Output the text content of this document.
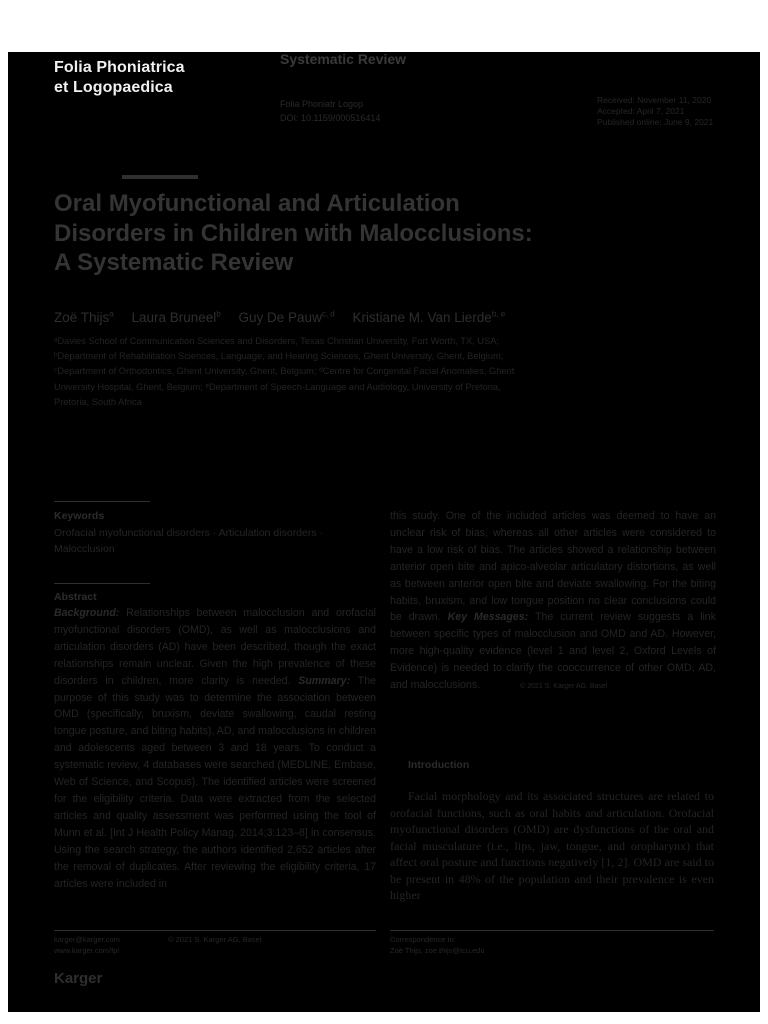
Folia Phoniatrica
et Logopaedica
Systematic Review
Folia Phoniatr Logop
DOI: 10.1159/000516414
Received: November 11, 2020
Accepted: April 7, 2021
Published online: June 9, 2021
Oral Myofunctional and Articulation
Disorders in Children with Malocclusions:
A Systematic Review
Zoë Thijs$^a$ Laura Bruneel$^b$ Guy De Pauw$^{c, d}$ Kristiane M. Van Lierde$^{b, e}$
ᵃDavies School of Communication Sciences and Disorders, Texas Christian University, Fort Worth, TX, USA;
ᵇDepartment of Rehabilitation Sciences, Language, and Hearing Sciences, Ghent University, Ghent, Belgium;
ᶜDepartment of Orthodontics, Ghent University, Ghent, Belgium; ᵈCentre for Congenital Facial Anomalies, Ghent
University Hospital, Ghent, Belgium; ᵉDepartment of Speech-Language and Audiology, University of Pretoria,
Pretoria, South Africa
Keywords
Orofacial myofunctional disorders · Articulation disorders · Malocclusion
Abstract
Background: Relationships between malocclusion and orofacial myofunctional disorders (OMD), as well as malocclusions and articulation disorders (AD) have been described, though the exact relationships remain unclear. Given the high prevalence of these disorders in children, more clarity is needed. Summary: The purpose of this study was to determine the association between OMD (specifically, bruxism, deviate swallowing, caudal resting tongue posture, and biting habits), AD, and malocclusions in children and adolescents aged between 3 and 18 years. To conduct a systematic review, 4 databases were searched (MEDLINE, Embase, Web of Science, and Scopus). The identified articles were screened for the eligibility criteria. Data were extracted from the selected articles and quality assessment was performed using the tool of Munn et al. [Int J Health Policy Manag. 2014;3:123–8] in consensus. Using the search strategy, the authors identified 2,652 articles after the removal of duplicates. After reviewing the eligibility criteria, 17 articles were included in
this study. One of the included articles was deemed to have an unclear risk of bias, whereas all other articles were considered to have a low risk of bias. The articles showed a relationship between anterior open bite and apico-alveolar articulatory distortions, as well as between anterior open bite and deviate swallowing. For the biting habits, bruxism, and low tongue position no clear conclusions could be drawn. Key Messages: The current review suggests a link between specific types of malocclusion and OMD and AD. However, more high-quality evidence (level 1 and level 2, Oxford Levels of Evidence) is needed to clarify the cooccurrence of other OMD, AD, and malocclusions.	© 2021 S. Karger AG, Basel
Introduction
Facial morphology and its associated structures are related to orofacial functions, such as oral habits and articulation. Orofacial myofunctional disorders (OMD) are dysfunctions of the oral and facial musculature (i.e., lips, jaw, tongue, and oropharynx) that affect oral posture and functions negatively [1, 2]. OMD are said to be present in 48% of the population and their prevalence is even higher
karger@karger.com
www.karger.com/fpl
© 2021 S. Karger AG, Basel	Correspondence to:
Zoë Thijs, zoe.thijs@tcu.edu
Karger
